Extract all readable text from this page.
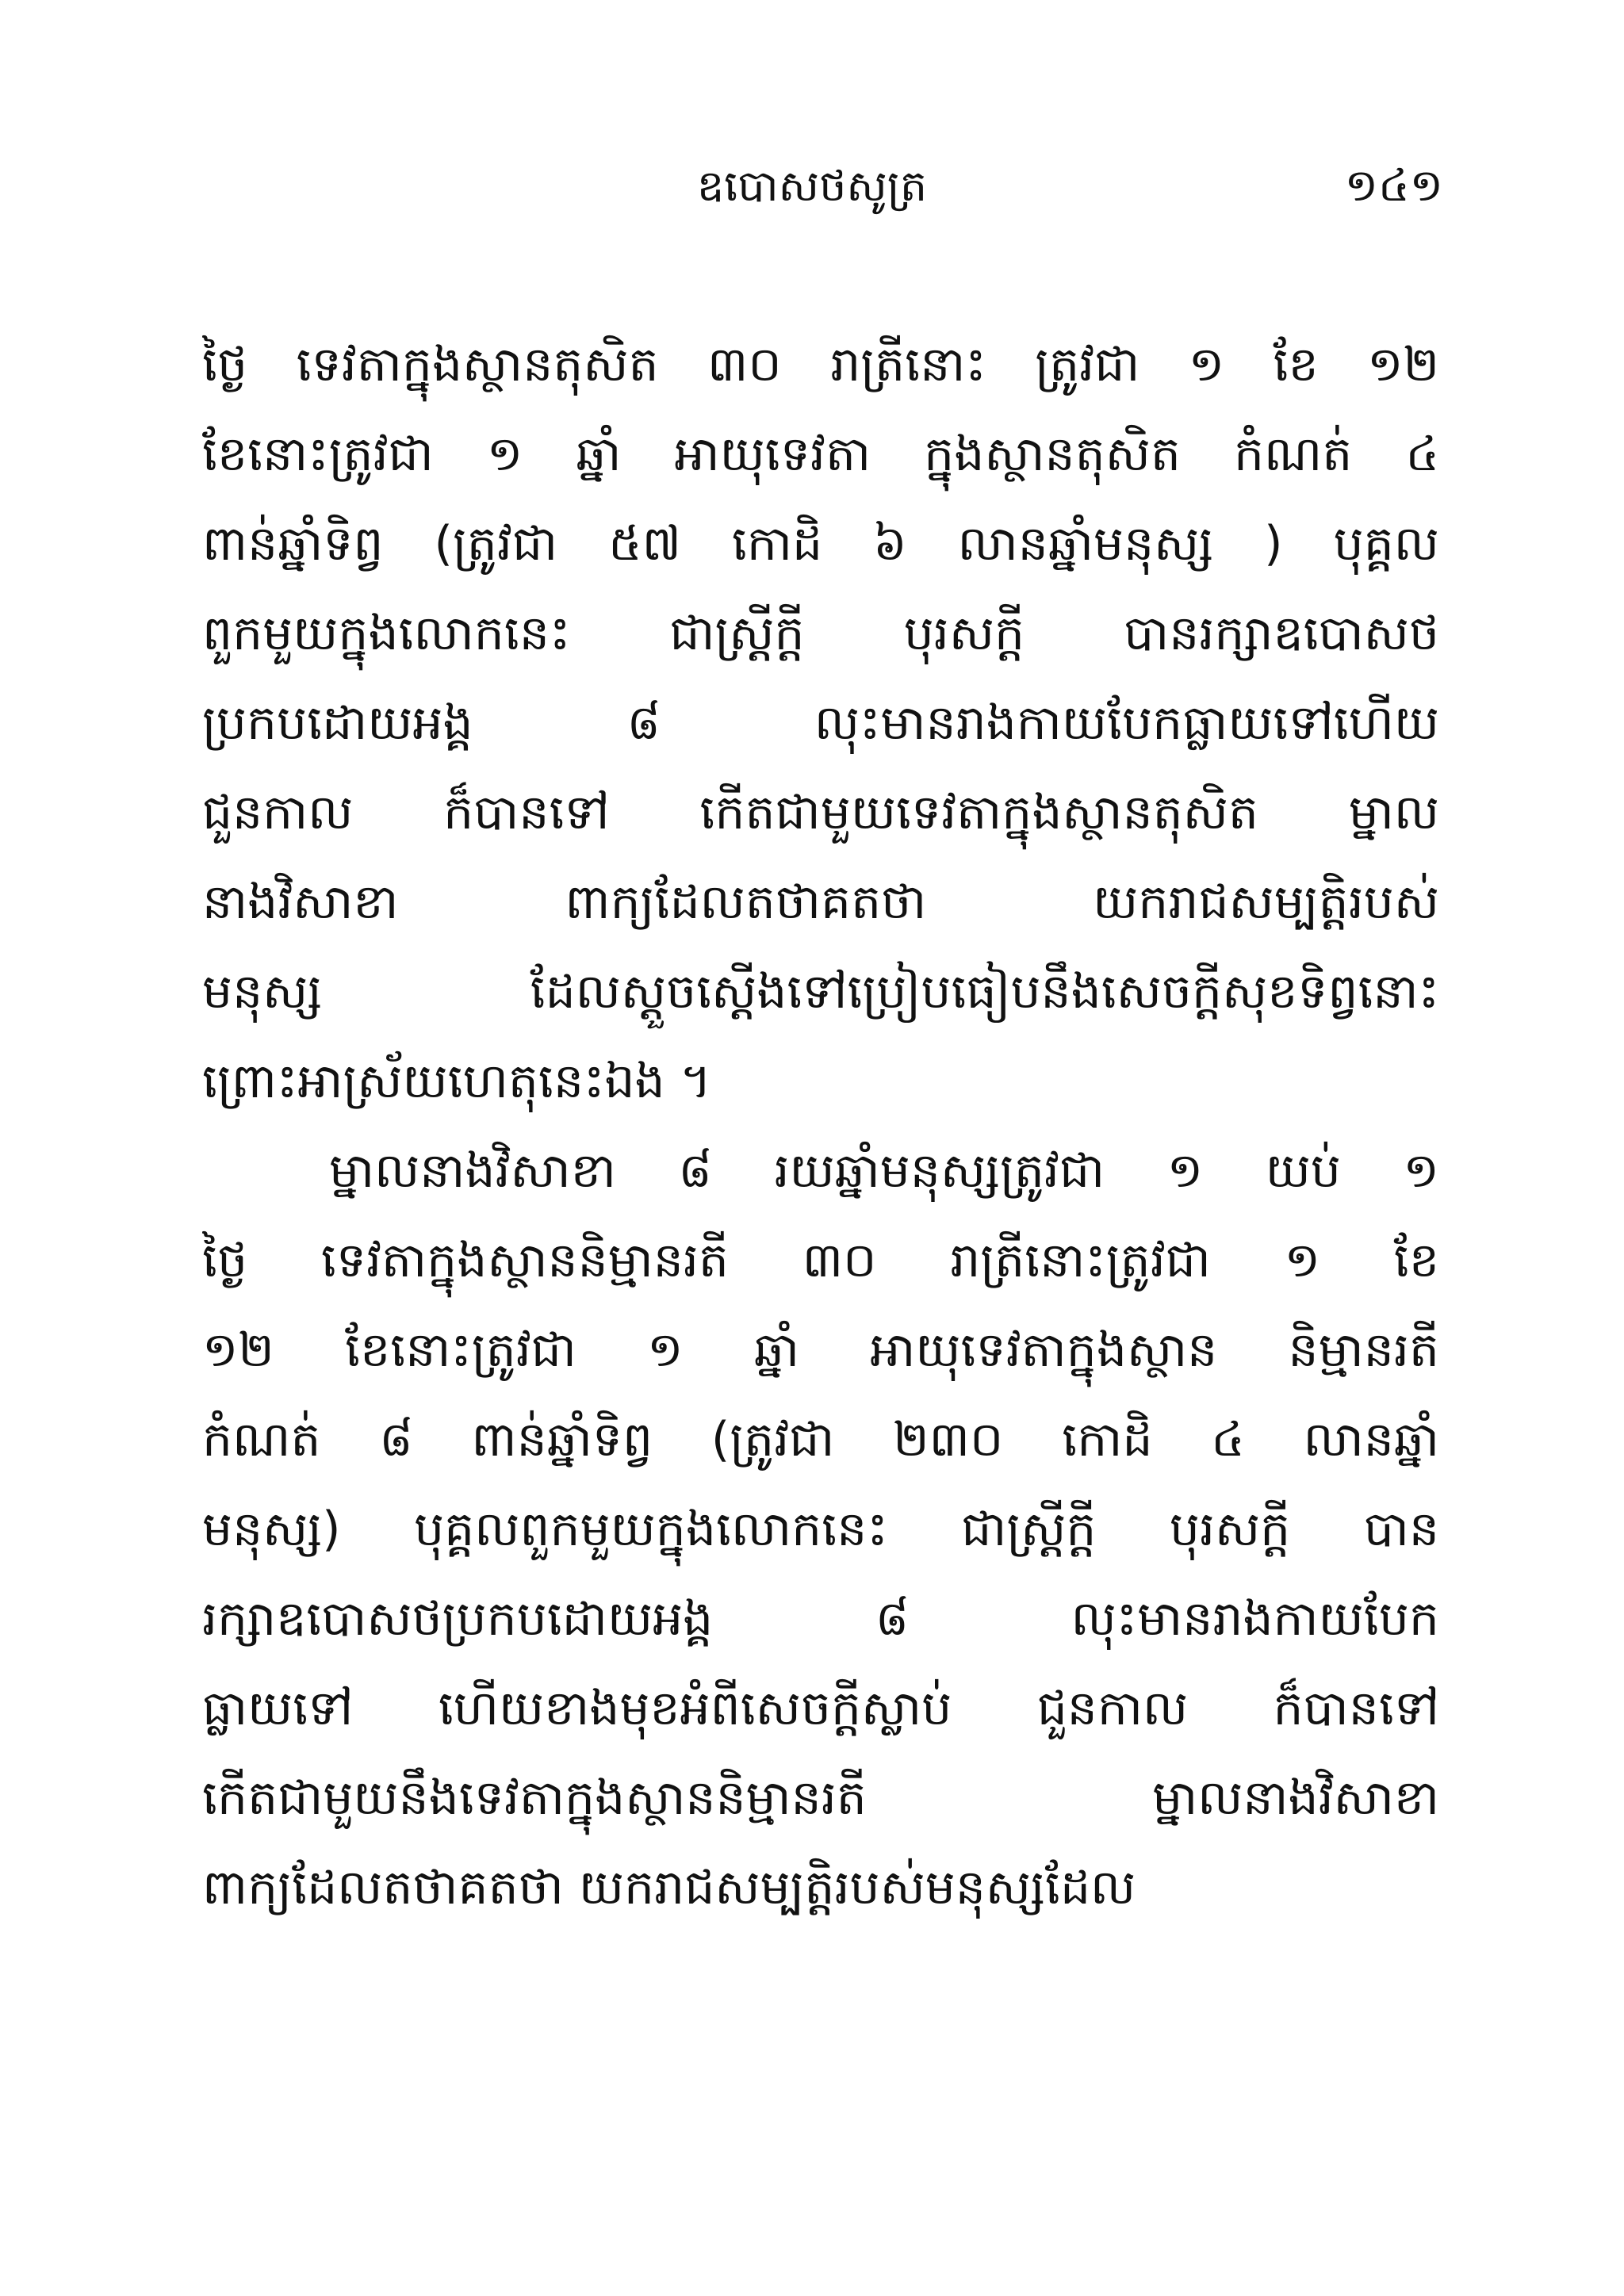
ឧបោសថសូត្រ	១៤១
ថ្ងៃ ទេវតាក្នុងស្ថានតុសិត ៣០ រាត្រីនោះ ត្រូវជា ១ ខែ ១២
ខែនោះត្រូវជា ១ ឆ្នាំ អាយុទេវតា ក្នុងស្ថានតុសិត កំណត់ ៤
ពាន់ឆ្នាំទិព្វ (ត្រូវជា ៥៧ កោដិ ៦ លានឆ្នាំមនុស្ស ) បុគ្គល
ពួកមួយក្នុងលោកនេះ ជាស្ត្រីក្តី បុរសក្តី បានរក្សាឧបោសថ
ប្រកបដោយអង្គ	៨	លុះមានរាងកាយបែកធ្លាយទៅហើយ
ជួនកាល ក៏បានទៅ កើតជាមួយទេវតាក្នុងស្ថានតុសិត ម្នាល
នាងវិសាខា	ពាក្យដែលតថាគតថា	យករាជសម្បត្តិរបស់
មនុស្ស	ដែលស្តួចស្តើងទៅប្រៀបធៀបនឹងសេចក្តីសុខទិព្វនោះ
ព្រោះអាស្រ័យហេតុនេះឯង ។
ម្នាលនាងវិសាខា ៨ រយឆ្នាំមនុស្សត្រូវជា ១ យប់ ១
ថ្ងៃ ទេវតាក្នុងស្ថាននិម្មានរតី ៣០ រាត្រីនោះត្រូវជា ១ ខែ
១២ ខែនោះត្រូវជា ១ ឆ្នាំ អាយុទេវតាក្នុងស្ថាន និម្មានរតី
កំណត់ ៨ ពាន់ឆ្នាំទិព្វ (ត្រូវជា ២៣០ កោដិ ៤ លានឆ្នាំ
មនុស្ស) បុគ្គលពួកមួយក្នុងលោកនេះ ជាស្ត្រីក្តី បុរសក្តី បាន
រក្សាឧបោសថប្រកបដោយអង្គ	៨	លុះមានរាងកាយបែក
ធ្លាយទៅ ហើយខាងមុខអំពីសេចក្តីស្លាប់ ជួនកាល ក៏បានទៅ
កើតជាមួយនឹងទេវតាក្នុងស្ថាននិម្មានរតី	ម្នាលនាងវិសាខា
ពាក្យដែលតថាគតថា យករាជសម្បត្តិរបស់មនុស្សដែល
